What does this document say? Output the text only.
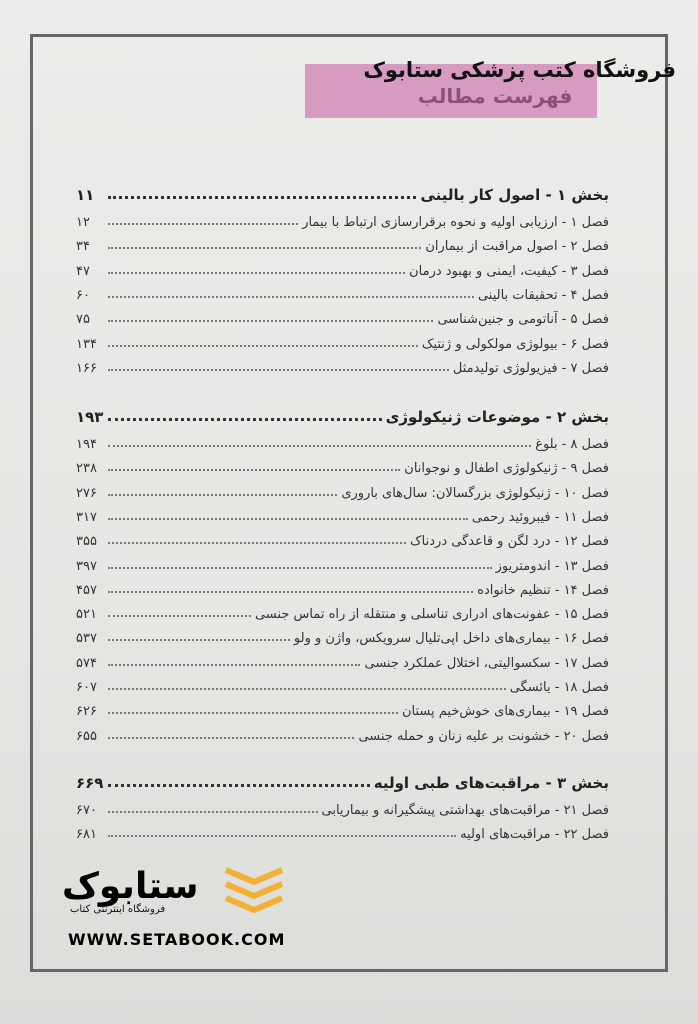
فهرست مطالب
فروشگاه کتب پزشکی ستابوک
بخش ۱ - اصول کار بالینی
۱۱
فصل ۱ - ارزیابی اولیه و نحوه برقرارسازی ارتباط با بیمار
۱۲
فصل ۲ - اصول مراقبت از بیماران
۳۴
فصل ۳ - کیفیت، ایمنی و بهبود درمان
۴۷
فصل ۴ - تحقیقات بالینی
۶۰
فصل ۵ - آناتومی و جنین‌شناسی
۷۵
فصل ۶ - بیولوژی مولکولی و ژنتیک
۱۳۴
فصل ۷ - فیزیولوژی تولیدمثل
۱۶۶
بخش ۲ - موضوعات ژنیکولوژی
۱۹۳
فصل ۸ - بلوغ
۱۹۴
فصل ۹ - ژنیکولوژی اطفال و نوجوانان
۲۳۸
فصل ۱۰ - ژنیکولوژی بزرگسالان: سال‌های باروری
۲۷۶
فصل ۱۱ - فیبروئید رحمی
۳۱۷
فصل ۱۲ - درد لگن و قاعدگی دردناک
۳۵۵
فصل ۱۳ - اندومتریوز
۳۹۷
فصل ۱۴ - تنظیم خانواده
۴۵۷
فصل ۱۵ - عفونت‌های ادراری تناسلی و منتقله از راه تماس جنسی
۵۲۱
فصل ۱۶ - بیماری‌های داخل اپی‌تلیال سرویکس، واژن و ولو
۵۳۷
فصل ۱۷ - سکسوالیتی، اختلال عملکرد جنسی
۵۷۴
فصل ۱۸ - یائسگی
۶۰۷
فصل ۱۹ - بیماری‌های خوش‌خیم پستان
۶۲۶
فصل ۲۰ - خشونت بر علیه زنان و حمله جنسی
۶۵۵
بخش ۳ - مراقبت‌های طبی اولیه
۶۶۹
فصل ۲۱ - مراقبت‌های بهداشتی پیشگیرانه و بیماریابی
۶۷۰
فصل ۲۲ - مراقبت‌های اولیه
۶۸۱
ستابوک
فروشگاه اینترنتی کتاب
WWW.SETABOOK.COM
